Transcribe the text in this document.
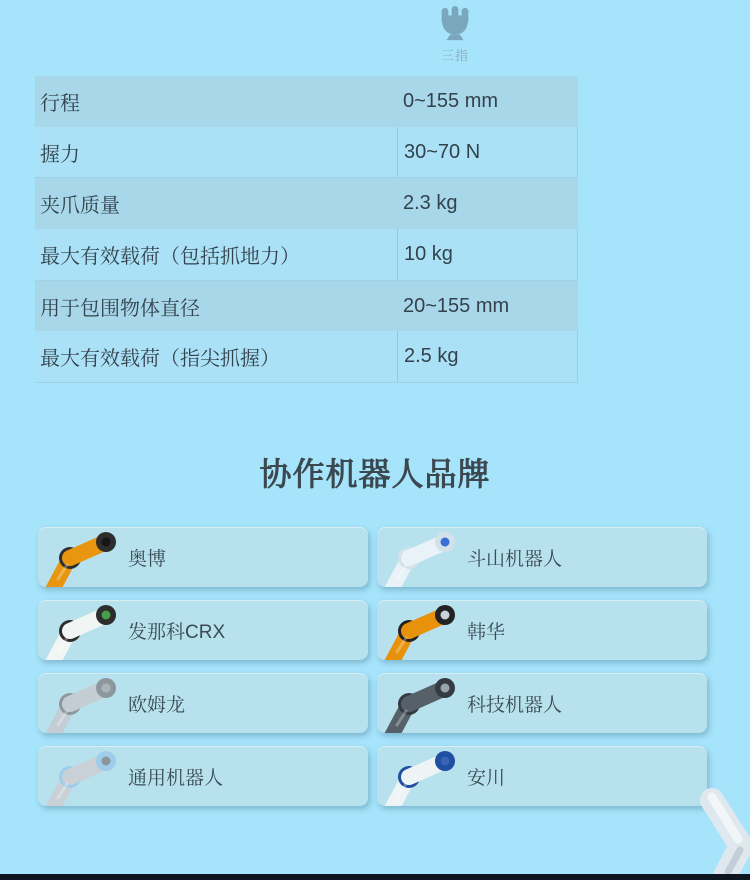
三指
行程	0~155 mm
握力	30~70 N
夹爪质量	2.3 kg
最大有效载荷（包括抓地力）	10 kg
用于包围物体直径	20~155 mm
最大有效载荷（指尖抓握）	2.5 kg
协作机器人品牌
奥博	斗山机器人
发那科CRX	韩华
欧姆龙	科技机器人
通用机器人	安川
